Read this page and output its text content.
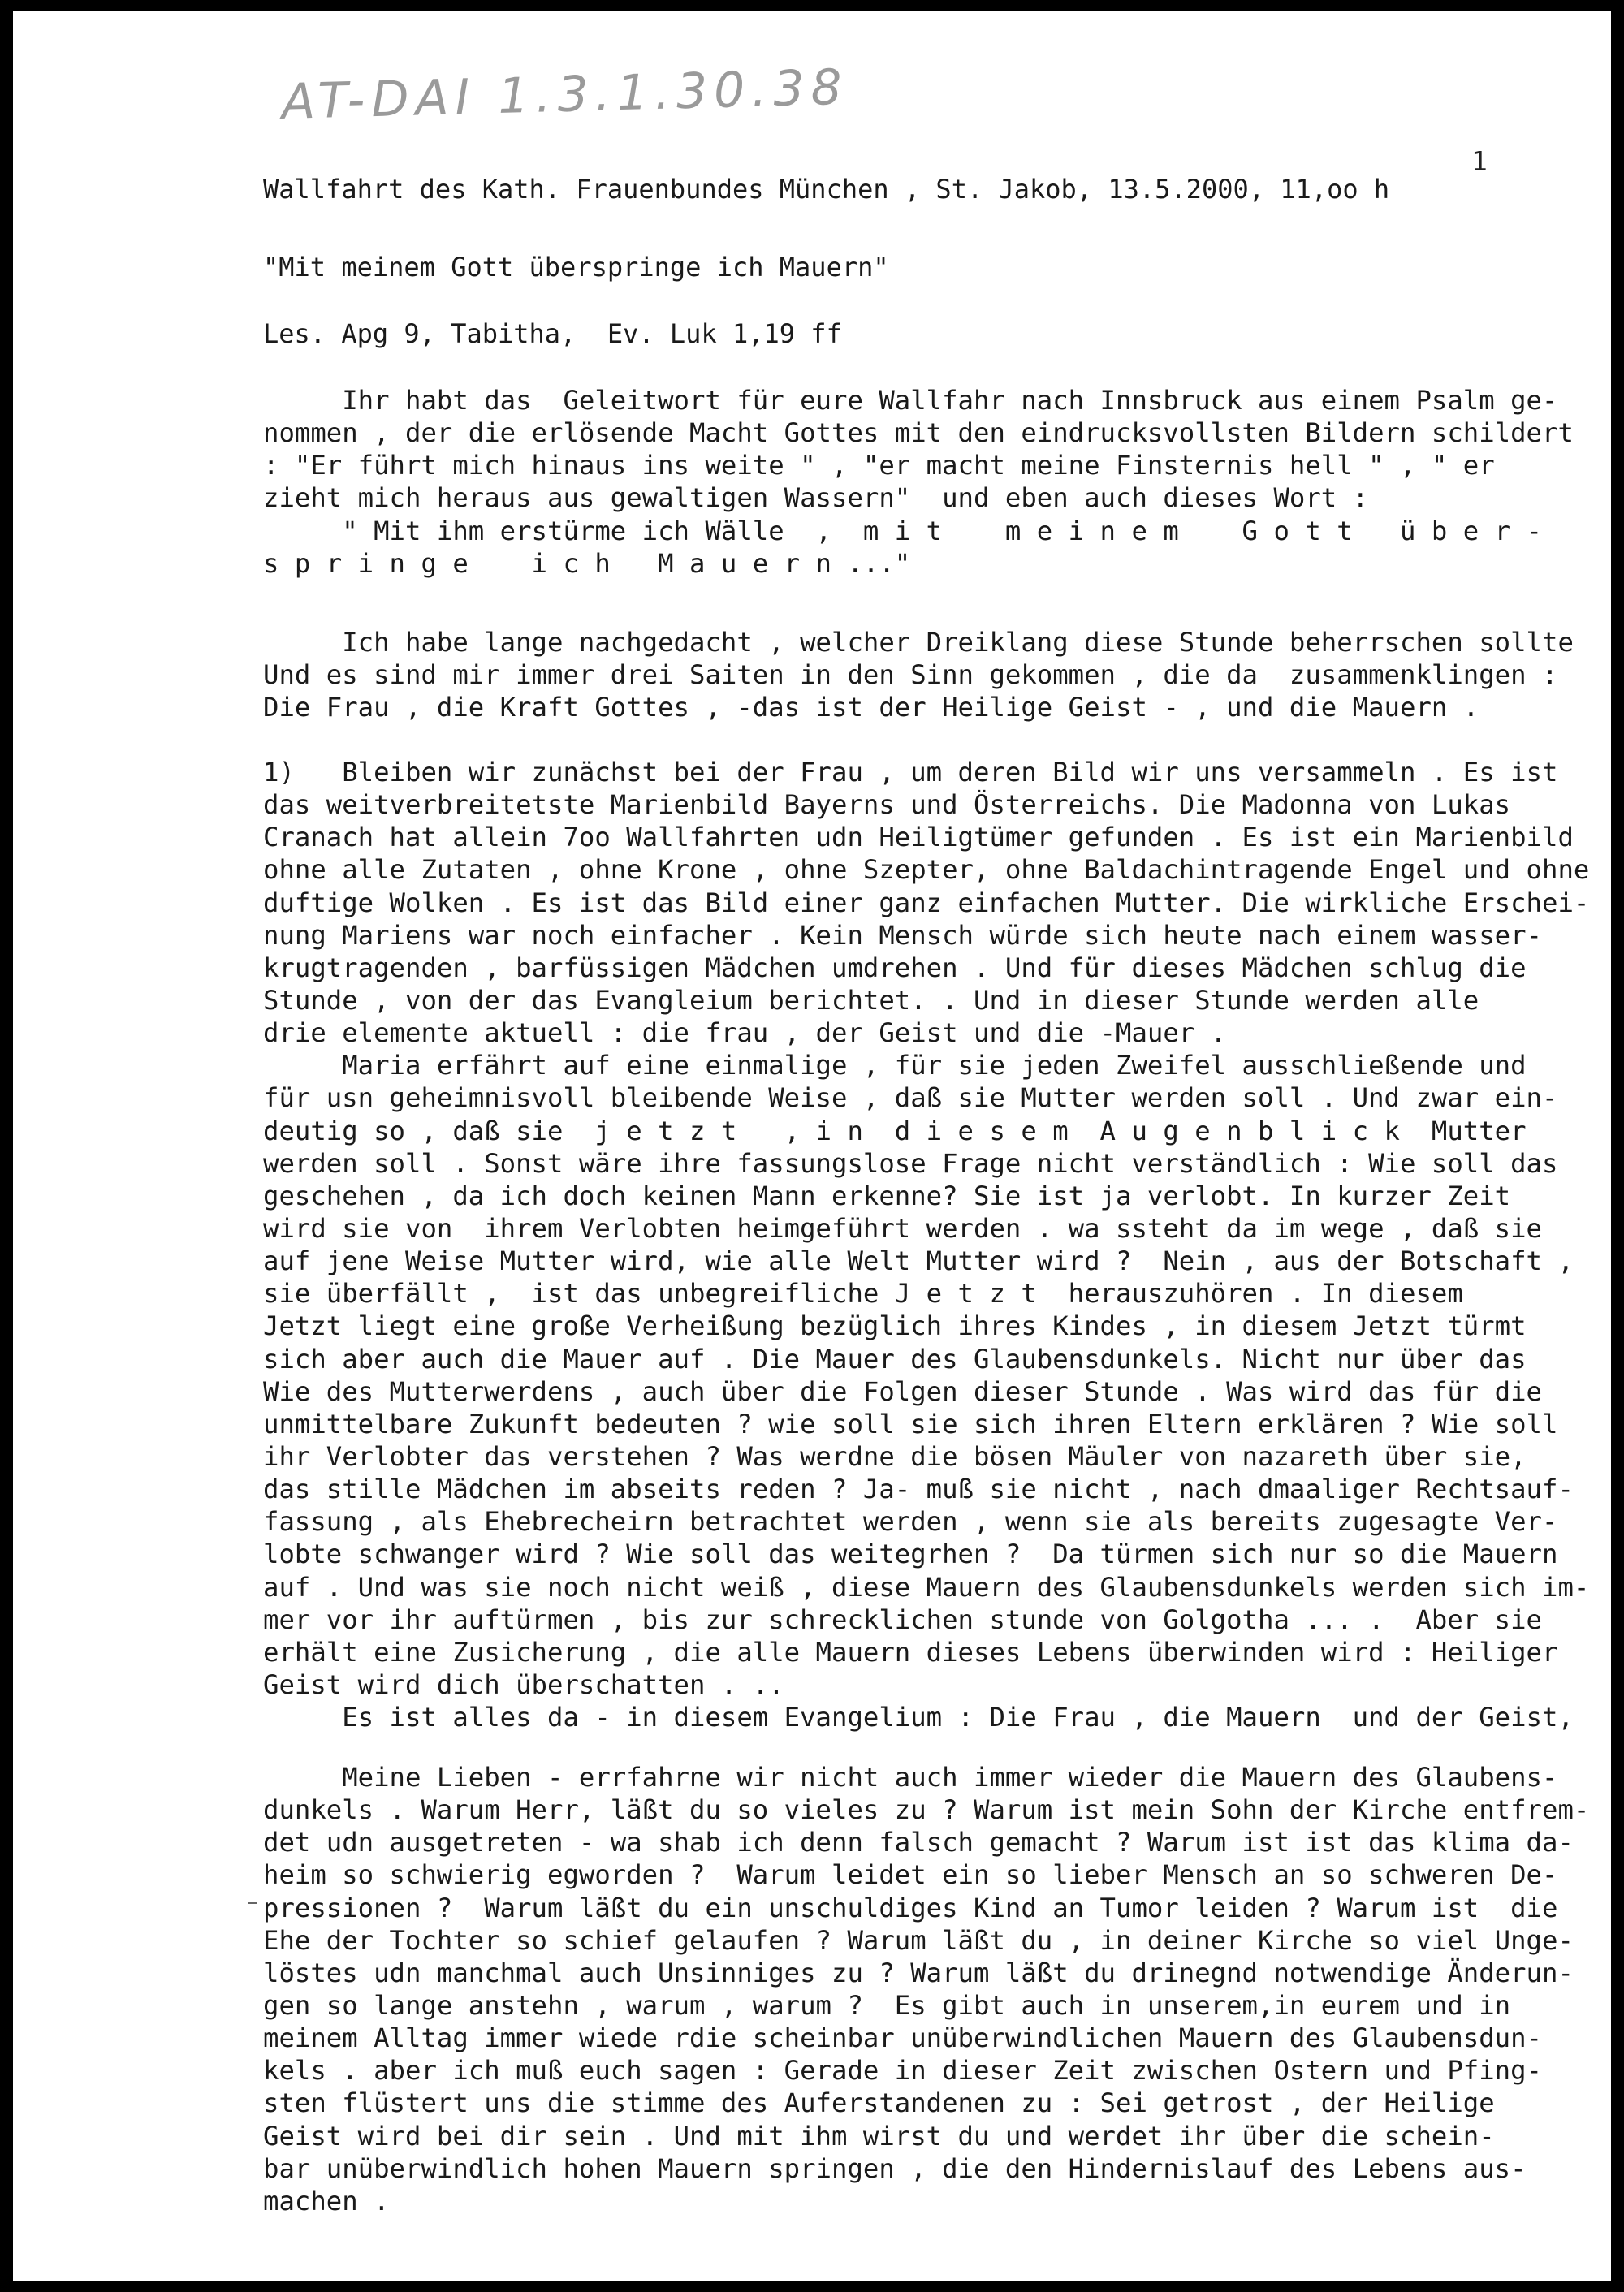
AT-DAI 1.3.1.30.38
1
Wallfahrt des Kath. Frauenbundes München , St. Jakob, 13.5.2000, 11,oo h
"Mit meinem Gott überspringe ich Mauern"
Les. Apg 9, Tabitha,  Ev. Luk 1,19 ff
Ihr habt das  Geleitwort für eure Wallfahr nach Innsbruck aus einem Psalm ge-
nommen , der die erlösende Macht Gottes mit den eindrucksvollsten Bildern schildert
: "Er führt mich hinaus ins weite " , "er macht meine Finsternis hell " , " er
zieht mich heraus aus gewaltigen Wassern"  und eben auch dieses Wort :
" Mit ihm erstürme ich Wälle  ,  m i t    m e i n e m    G o t t   ü b e r -
s p r i n g e    i c h   M a u e r n ..."
Ich habe lange nachgedacht , welcher Dreiklang diese Stunde beherrschen sollte
Und es sind mir immer drei Saiten in den Sinn gekommen , die da  zusammenklingen :
Die Frau , die Kraft Gottes , -das ist der Heilige Geist - , und die Mauern .
1)   Bleiben wir zunächst bei der Frau , um deren Bild wir uns versammeln . Es ist
das weitverbreitetste Marienbild Bayerns und Österreichs. Die Madonna von Lukas
Cranach hat allein 7oo Wallfahrten udn Heiligtümer gefunden . Es ist ein Marienbild
ohne alle Zutaten , ohne Krone , ohne Szepter, ohne Baldachintragende Engel und ohne
duftige Wolken . Es ist das Bild einer ganz einfachen Mutter. Die wirkliche Erschei-
nung Mariens war noch einfacher . Kein Mensch würde sich heute nach einem wasser-
krugtragenden , barfüssigen Mädchen umdrehen . Und für dieses Mädchen schlug die
Stunde , von der das Evangleium berichtet. . Und in dieser Stunde werden alle
drie elemente aktuell : die frau , der Geist und die -Mauer .
Maria erfährt auf eine einmalige , für sie jeden Zweifel ausschließende und
für usn geheimnisvoll bleibende Weise , daß sie Mutter werden soll . Und zwar ein-
deutig so , daß sie  j e t z t   , i n  d i e s e m  A u g e n b l i c k  Mutter
werden soll . Sonst wäre ihre fassungslose Frage nicht verständlich : Wie soll das
geschehen , da ich doch keinen Mann erkenne? Sie ist ja verlobt. In kurzer Zeit
wird sie von  ihrem Verlobten heimgeführt werden . wa ssteht da im wege , daß sie
auf jene Weise Mutter wird, wie alle Welt Mutter wird ?  Nein , aus der Botschaft ,
sie überfällt ,  ist das unbegreifliche J e t z t  herauszuhören . In diesem
Jetzt liegt eine große Verheißung bezüglich ihres Kindes , in diesem Jetzt türmt
sich aber auch die Mauer auf . Die Mauer des Glaubensdunkels. Nicht nur über das
Wie des Mutterwerdens , auch über die Folgen dieser Stunde . Was wird das für die
unmittelbare Zukunft bedeuten ? wie soll sie sich ihren Eltern erklären ? Wie soll
ihr Verlobter das verstehen ? Was werdne die bösen Mäuler von nazareth über sie,
das stille Mädchen im abseits reden ? Ja- muß sie nicht , nach dmaaliger Rechtsauf-
fassung , als Ehebrecheirn betrachtet werden , wenn sie als bereits zugesagte Ver-
lobte schwanger wird ? Wie soll das weitegrhen ?  Da türmen sich nur so die Mauern
auf . Und was sie noch nicht weiß , diese Mauern des Glaubensdunkels werden sich im-
mer vor ihr auftürmen , bis zur schrecklichen stunde von Golgotha ... .  Aber sie
erhält eine Zusicherung , die alle Mauern dieses Lebens überwinden wird : Heiliger
Geist wird dich überschatten . ..
Es ist alles da - in diesem Evangelium : Die Frau , die Mauern  und der Geist,
Meine Lieben - errfahrne wir nicht auch immer wieder die Mauern des Glaubens-
dunkels . Warum Herr, läßt du so vieles zu ? Warum ist mein Sohn der Kirche entfrem-
det udn ausgetreten - wa shab ich denn falsch gemacht ? Warum ist ist das klima da-
heim so schwierig egworden ?  Warum leidet ein so lieber Mensch an so schweren De-
pressionen ?  Warum läßt du ein unschuldiges Kind an Tumor leiden ? Warum ist  die
Ehe der Tochter so schief gelaufen ? Warum läßt du , in deiner Kirche so viel Unge-
löstes udn manchmal auch Unsinniges zu ? Warum läßt du drinegnd notwendige Änderun-
gen so lange anstehn , warum , warum ?  Es gibt auch in unserem,in eurem und in
meinem Alltag immer wiede rdie scheinbar unüberwindlichen Mauern des Glaubensdun-
kels . aber ich muß euch sagen : Gerade in dieser Zeit zwischen Ostern und Pfing-
sten flüstert uns die stimme des Auferstandenen zu : Sei getrost , der Heilige
Geist wird bei dir sein . Und mit ihm wirst du und werdet ihr über die schein-
bar unüberwindlich hohen Mauern springen , die den Hindernislauf des Lebens aus-
machen .
